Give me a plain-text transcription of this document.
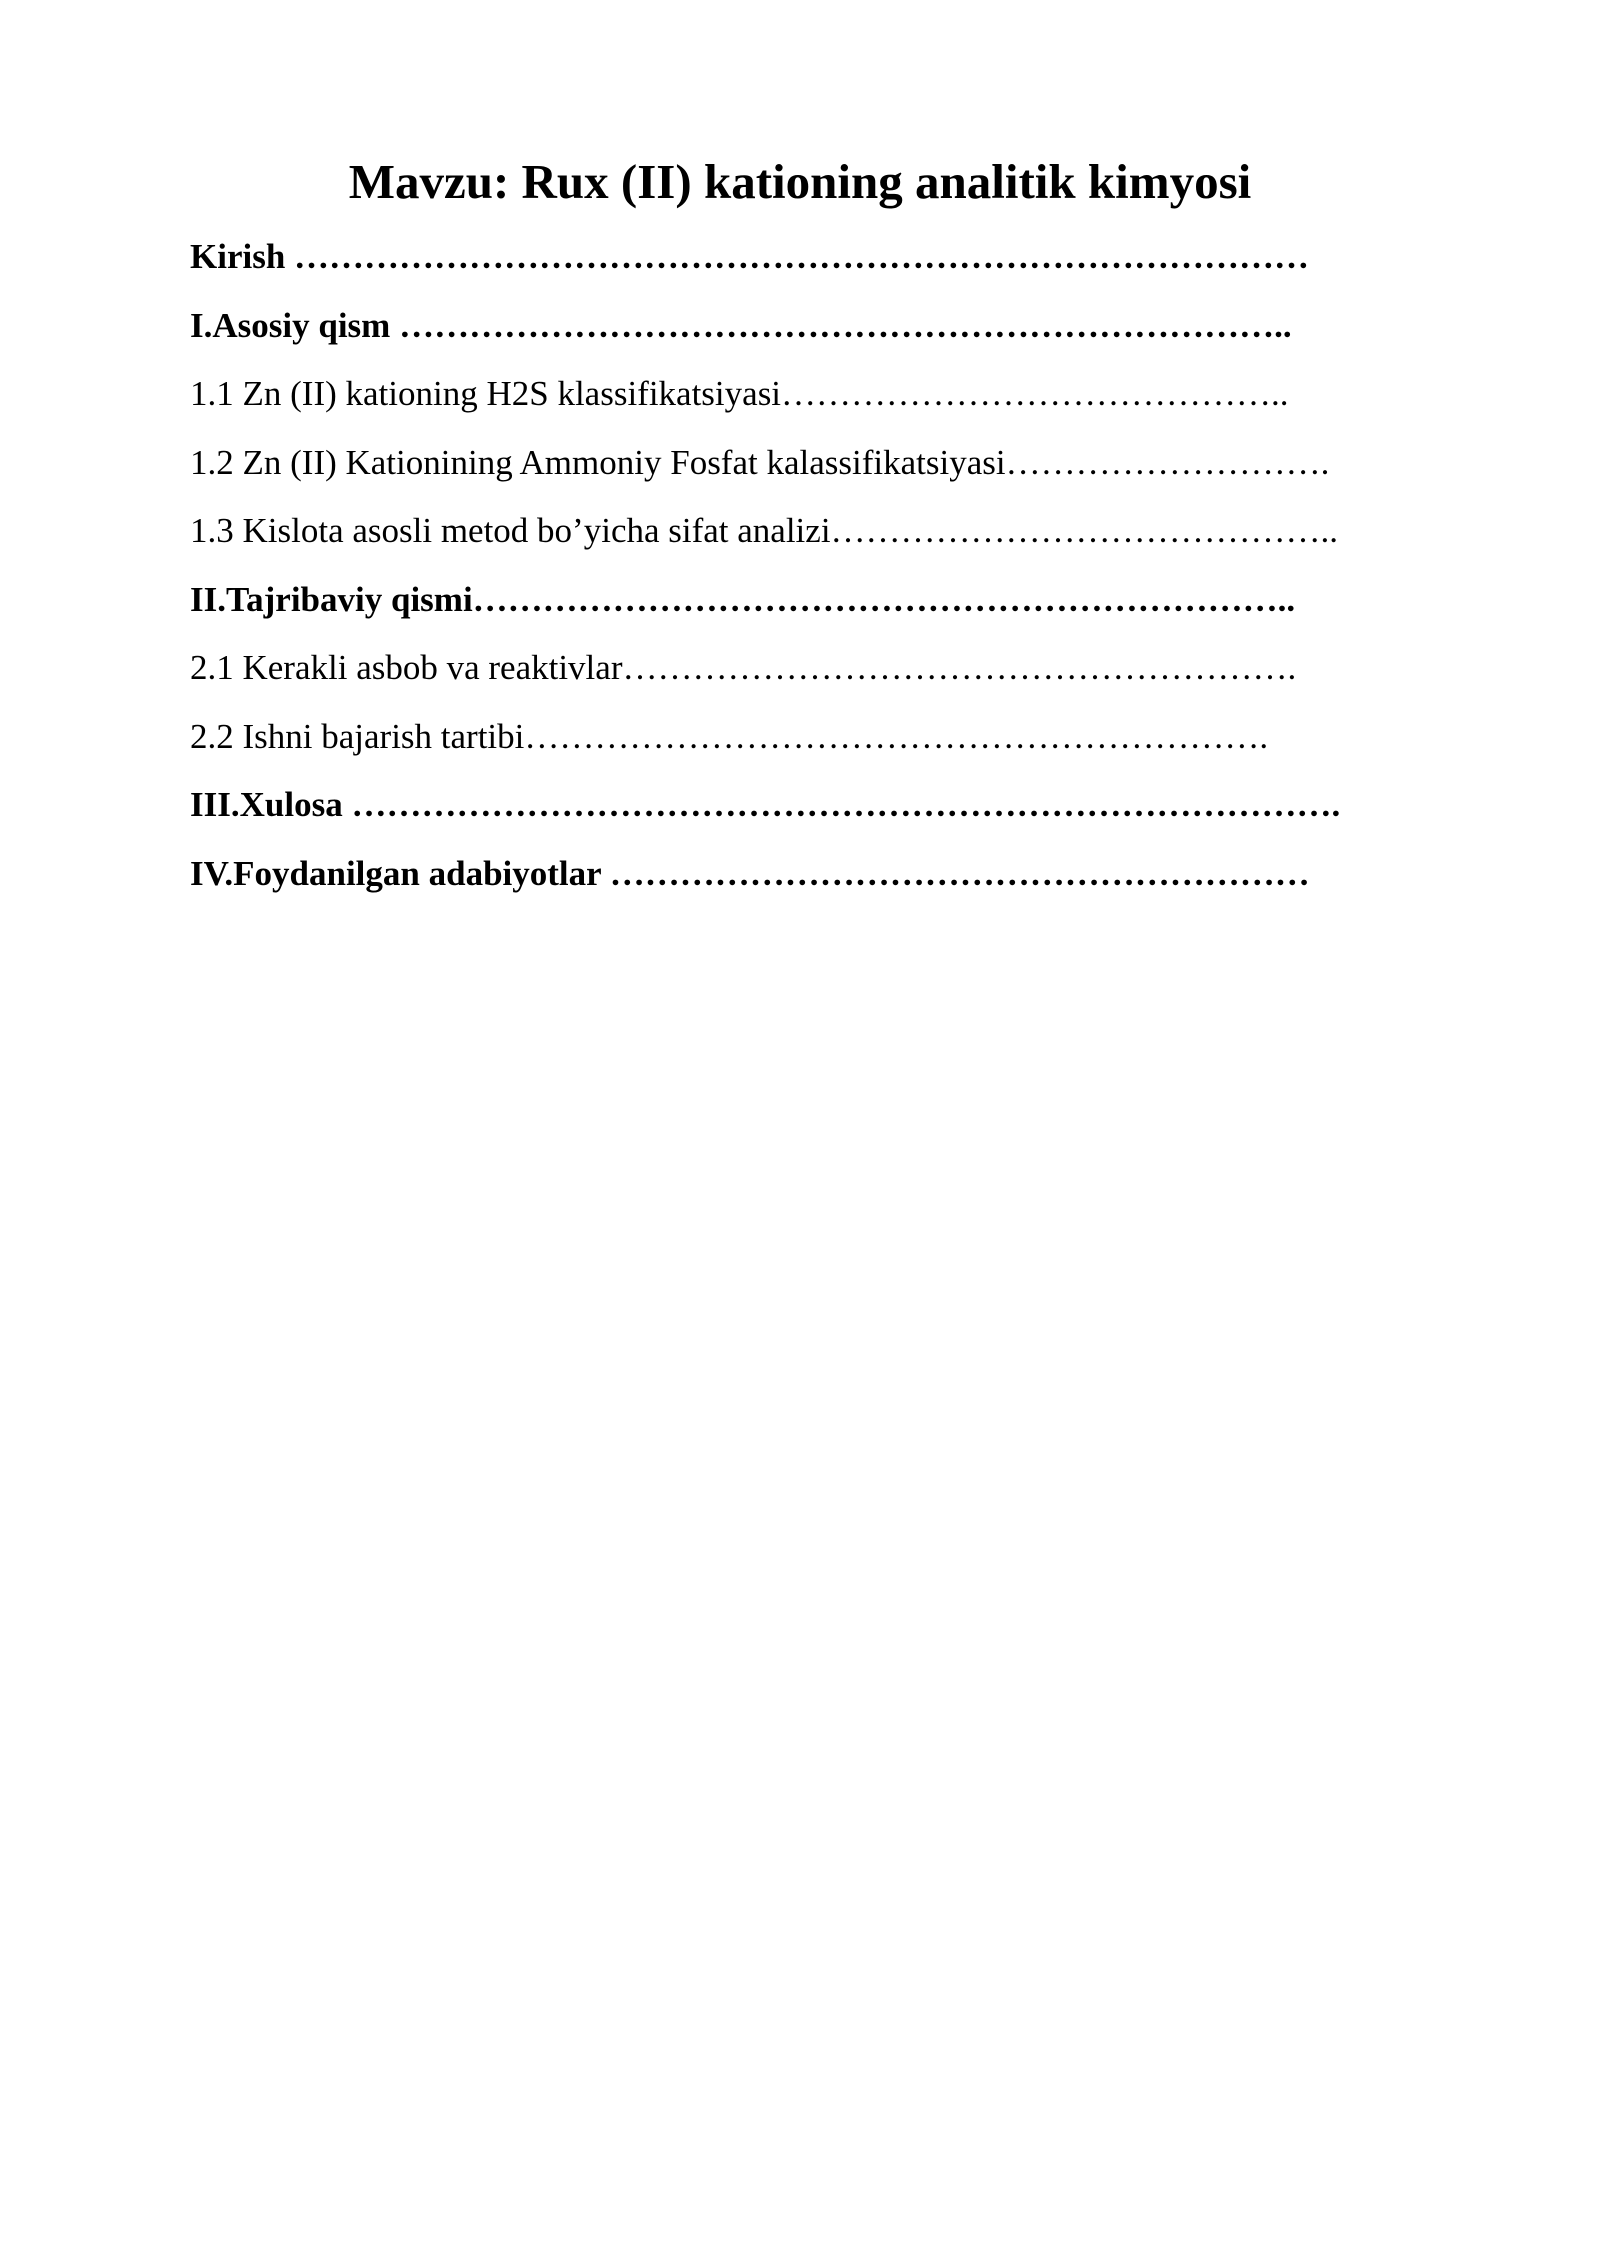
Mavzu: Rux (II) kationing analitik kimyosi
Kirish ……………………………………………………………………………
I.Asosiy qism …………………………………………………………………..
1.1 Zn (II) kationing H2S klassifikatsiyasi……………………………………..
1.2 Zn (II) Kationining Ammoniy Fosfat kalassifikatsiyasi……………………….
1.3 Kislota asosli metod bo’yicha sifat analizi……………………………………..
II.Tajribaviy qismi……………………………………………………………..
2.1 Kerakli asbob va reaktivlar………………………………………………….
2.2 Ishni bajarish tartibi……………………………………………………….
III.Xulosa ………………………………………………………………………….
IV.Foydanilgan adabiyotlar ……………………………………………………
